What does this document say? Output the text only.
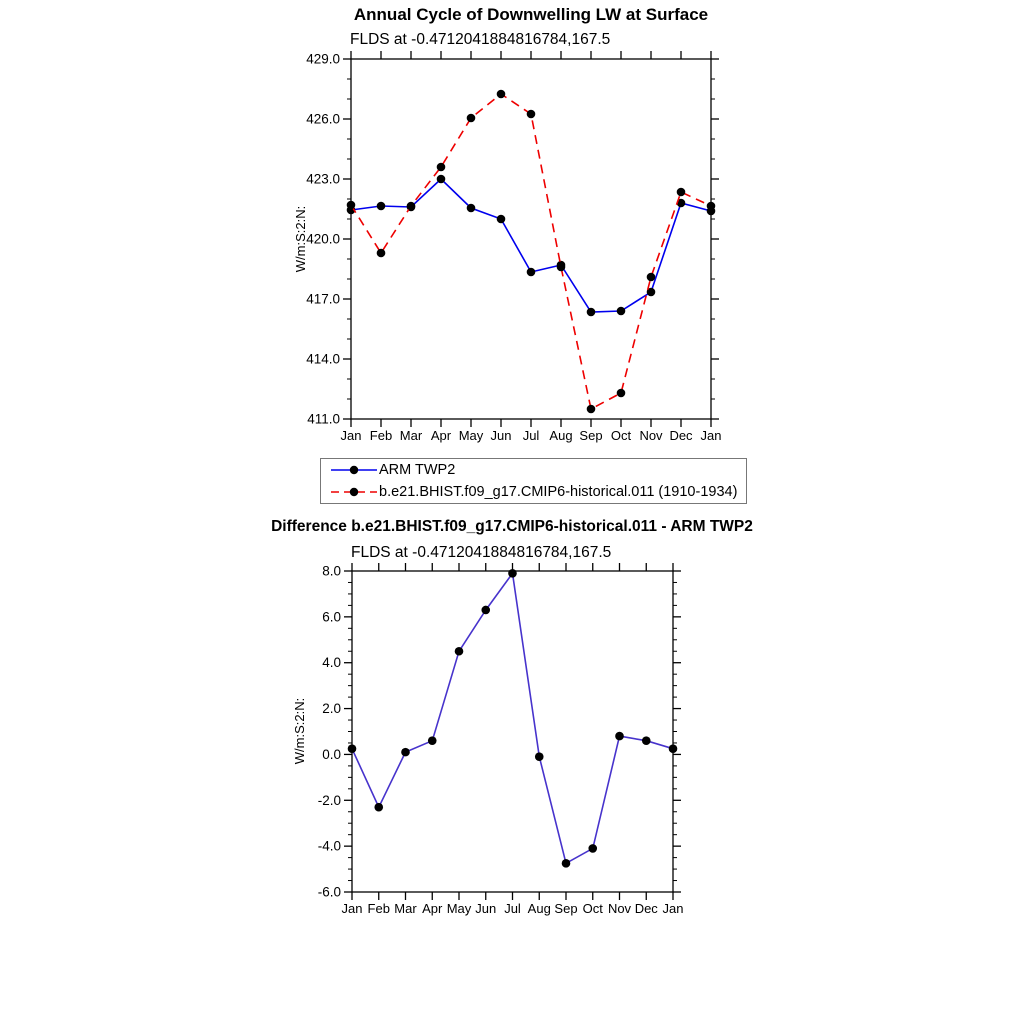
411.0
414.0
417.0
420.0
423.0
426.0
429.0
Jan Feb Mar Apr May Jun Jul Aug Sep Oct Nov Dec Jan
-6.0
-4.0
-2.0
0.0
2.0
4.0
6.0
8.0
Jan Feb Mar Apr May Jun Jul Aug Sep Oct Nov Dec Jan
Annual Cycle of Downwelling LW at Surface
FLDS at -0.4712041884816784,167.5
W/m:S:2:N:
ARM TWP2
b.e21.BHIST.f09_g17.CMIP6-historical.011 (1910-1934)
Difference b.e21.BHIST.f09_g17.CMIP6-historical.011 - ARM TWP2
FLDS at -0.4712041884816784,167.5
W/m:S:2:N:
